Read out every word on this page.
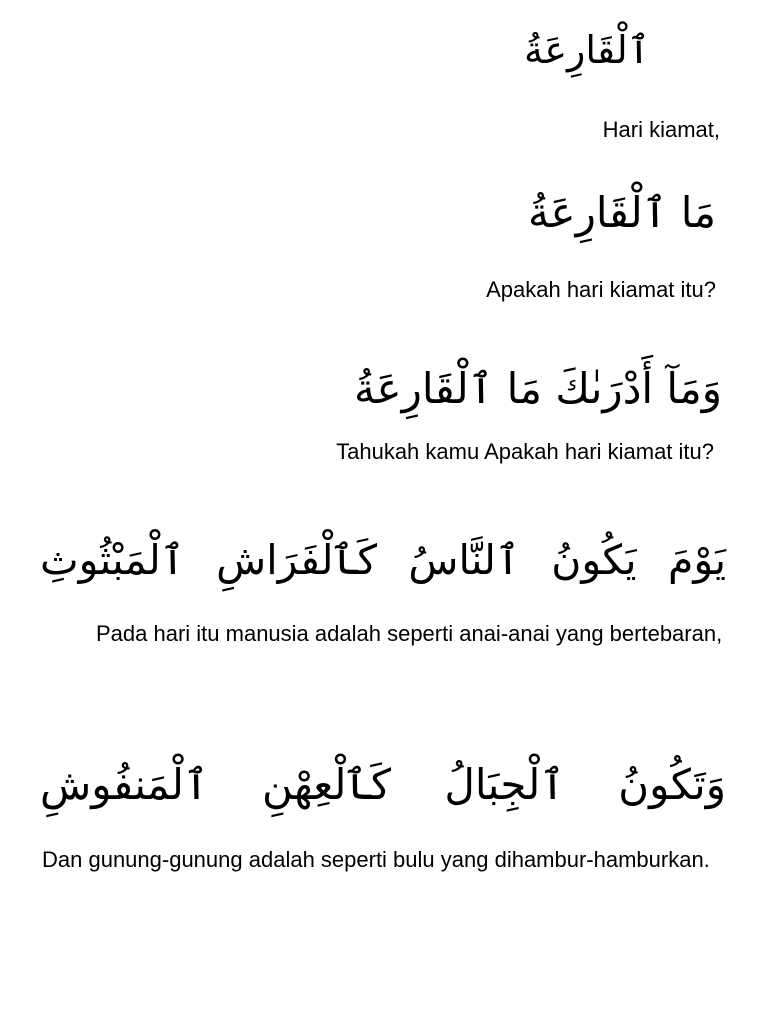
ٱلْقَارِعَةُ
Hari kiamat,
مَا ٱلْقَارِعَةُ
Apakah hari kiamat itu?
وَمَآ أَدْرَىٰكَ مَا ٱلْقَارِعَةُ
Tahukah kamu Apakah hari kiamat itu?
يَوْمَ يَكُونُ ٱلنَّاسُ كَٱلْفَرَاشِ ٱلْمَبْثُوثِ
Pada hari itu manusia adalah seperti anai-anai yang bertebaran,
وَتَكُونُ ٱلْجِبَالُ كَٱلْعِهْنِ ٱلْمَنفُوشِ
Dan gunung-gunung adalah seperti bulu yang dihambur-hamburkan.
